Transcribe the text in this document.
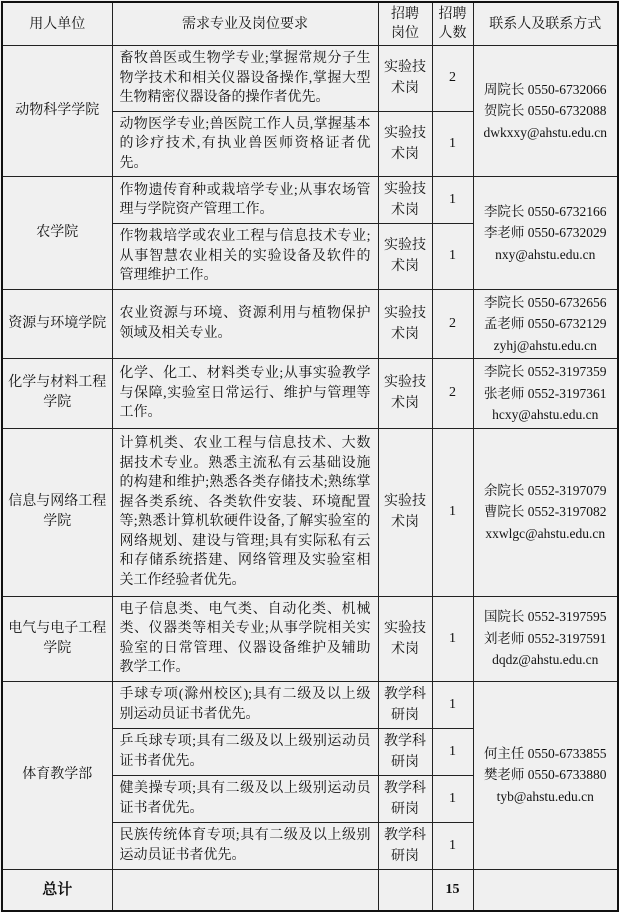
用人单位	需求专业及岗位要求	招聘岗位	招聘人数	联系人及联系方式
动物科学学院	畜牧兽医或生物学专业;掌握常规分子生物学技术和相关仪器设备操作,掌握大型生物精密仪器设备的操作者优先。	实验技术岗	2	周院长 0550-6732066
贺院长 0550-6732088
dwkxxy@ahstu.edu.cn

	动物医学专业;兽医院工作人员,掌握基本的诊疗技术,有执业兽医师资格证者优先。	实验技术岗	1	
农学院	作物遗传育种或栽培学专业;从事农场管理与学院资产管理工作。	实验技术岗	1	李院长 0550-6732166
李老师 0550-6732029
nxy@ahstu.edu.cn

	作物栽培学或农业工程与信息技术专业;从事智慧农业相关的实验设备及软件的管理维护工作。	实验技术岗	1	
资源与环境学院	农业资源与环境、资源利用与植物保护领域及相关专业。	实验技术岗	2	李院长 0550-6732656
孟老师 0550-6732129
zyhj@ahstu.edu.cn

化学与材料工程学院	化学、化工、材料类专业;从事实验教学与保障,实验室日常运行、维护与管理等工作。	实验技术岗	2	李院长 0552-3197359
张老师 0552-3197361
hcxy@ahstu.edu.cn

信息与网络工程学院	计算机类、农业工程与信息技术、大数据技术专业。熟悉主流私有云基础设施的构建和维护;熟悉各类存储技术;熟练掌握各类系统、各类软件安装、环境配置等;熟悉计算机软硬件设备,了解实验室的网络规划、建设与管理;具有实际私有云和存储系统搭建、网络管理及实验室相关工作经验者优先。	实验技术岗	1	余院长 0552-3197079
曹院长 0552-3197082
xxwlgc@ahstu.edu.cn

电气与电子工程学院	电子信息类、电气类、自动化类、机械类、仪器类等相关专业;从事学院相关实验室的日常管理、仪器设备维护及辅助教学工作。	实验技术岗	1	国院长 0552-3197595
刘老师 0552-3197591
dqdz@ahstu.edu.cn

体育教学部	手球专项(滁州校区);具有二级及以上级别运动员证书者优先。	教学科研岗	1	何主任 0550-6733855
樊老师 0550-6733880
tyb@ahstu.edu.cn

	乒乓球专项;具有二级及以上级别运动员证书者优先。	教学科研岗	1	
	健美操专项;具有二级及以上级别运动员证书者优先。	教学科研岗	1	
	民族传统体育专项;具有二级及以上级别运动员证书者优先。	教学科研岗	1	
总计			15	
